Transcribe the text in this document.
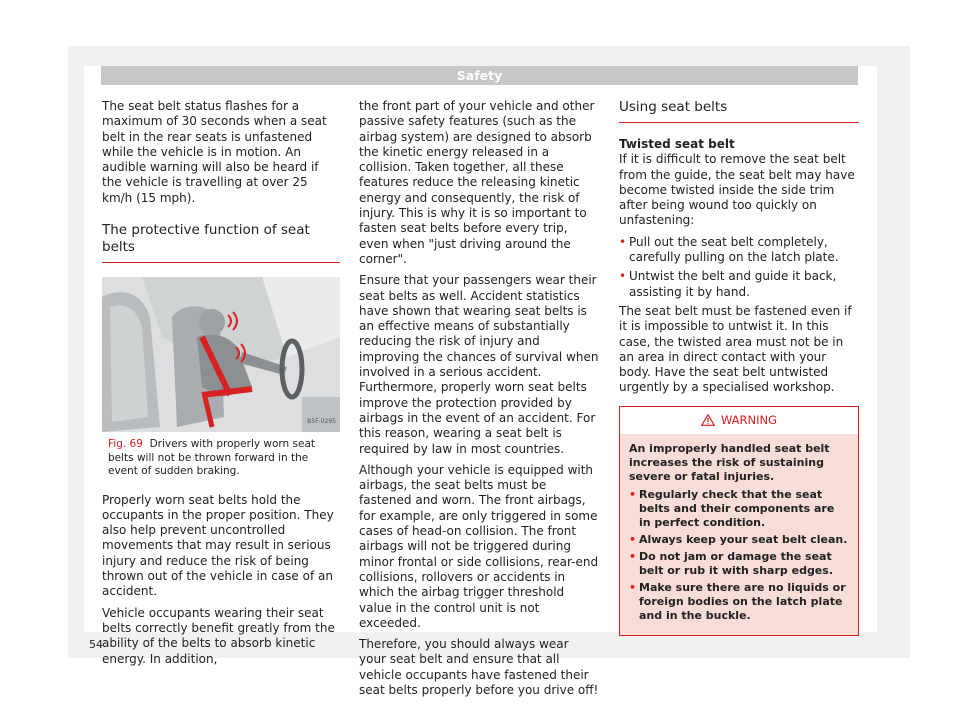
Safety

The seat belt status flashes for a maximum of 30 seconds when a seat belt in the rear seats is unfastened while the vehicle is in motion. An audible warning will also be heard if the vehicle is travelling at over 25 km/h (15 mph).

The protective function of seat belts
B5F-0295
Fig. 69 Drivers with properly worn seat belts will not be thrown forward in the event of sudden braking.

Properly worn seat belts hold the occupants in the proper position. They also help prevent uncontrolled movements that may result in serious injury and reduce the risk of being thrown out of the vehicle in case of an accident.

Vehicle occupants wearing their seat belts correctly benefit greatly from the ability of the belts to absorb kinetic energy. In addition,

the front part of your vehicle and other passive safety features (such as the airbag system) are designed to absorb the kinetic energy released in a collision. Taken together, all these features reduce the releasing kinetic energy and consequently, the risk of injury. This is why it is so important to fasten seat belts before every trip, even when "just driving around the corner".

Ensure that your passengers wear their seat belts as well. Accident statistics have shown that wearing seat belts is an effective means of substantially reducing the risk of injury and improving the chances of survival when involved in a serious accident. Furthermore, properly worn seat belts improve the protection provided by airbags in the event of an accident. For this reason, wearing a seat belt is required by law in most countries.

Although your vehicle is equipped with airbags, the seat belts must be fastened and worn. The front airbags, for example, are only triggered in some cases of head-on collision. The front airbags will not be triggered during minor frontal or side collisions, rear-end collisions, rollovers or accidents in which the airbag trigger threshold value in the control unit is not exceeded.

Therefore, you should always wear your seat belt and ensure that all vehicle occupants have fastened their seat belts properly before you drive off!

Using seat belts
Twisted seat belt

If it is difficult to remove the seat belt from the guide, the seat belt may have become twisted inside the side trim after being wound too quickly on unfastening:

• Pull out the seat belt completely, carefully pulling on the latch plate.
• Untwist the belt and guide it back, assisting it by hand.

The seat belt must be fastened even if it is impossible to untwist it. In this case, the twisted area must not be in an area in direct contact with your body. Have the seat belt untwisted urgently by a specialised workshop.

WARNING

An improperly handled seat belt increases the risk of sustaining severe or fatal injuries.

• Regularly check that the seat belts and their components are in perfect condition.
• Always keep your seat belt clean.
• Do not jam or damage the seat belt or rub it with sharp edges.
• Make sure there are no liquids or foreign bodies on the latch plate and in the buckle.
54
